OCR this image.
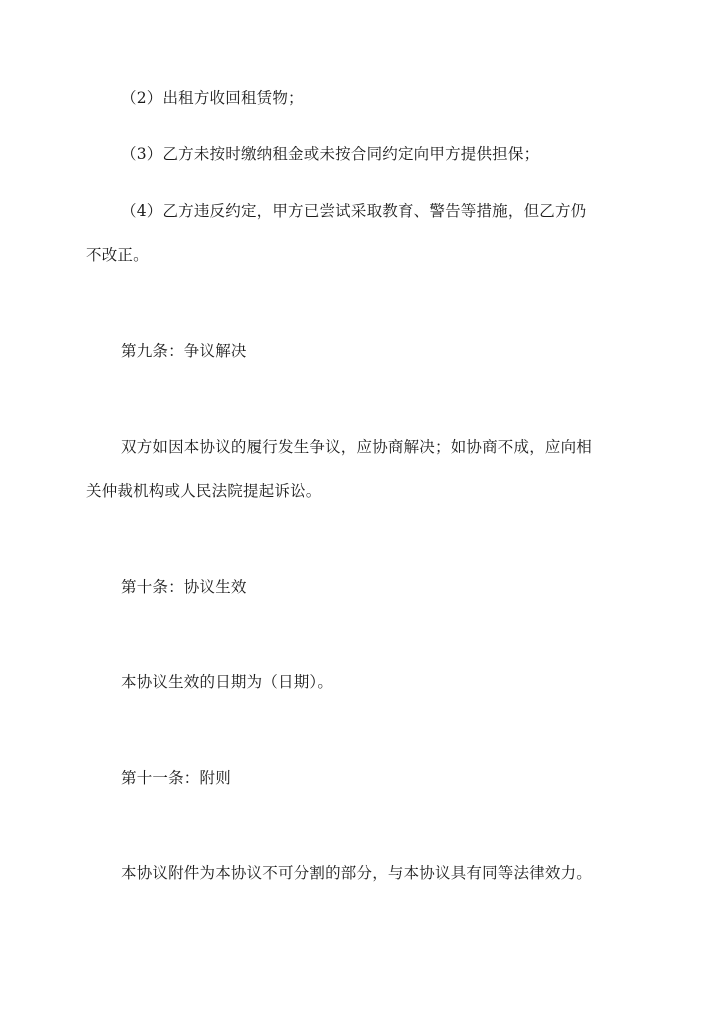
（2）出租方收回租赁物；
（3）乙方未按时缴纳租金或未按合同约定向甲方提供担保；
（4）乙方违反约定，甲方已尝试采取教育、警告等措施，但乙方仍
不改正。
第九条：争议解决
双方如因本协议的履行发生争议，应协商解决；如协商不成，应向相
关仲裁机构或人民法院提起诉讼。
第十条：协议生效
本协议生效的日期为（日期）。
第十一条：附则
本协议附件为本协议不可分割的部分，与本协议具有同等法律效力。
